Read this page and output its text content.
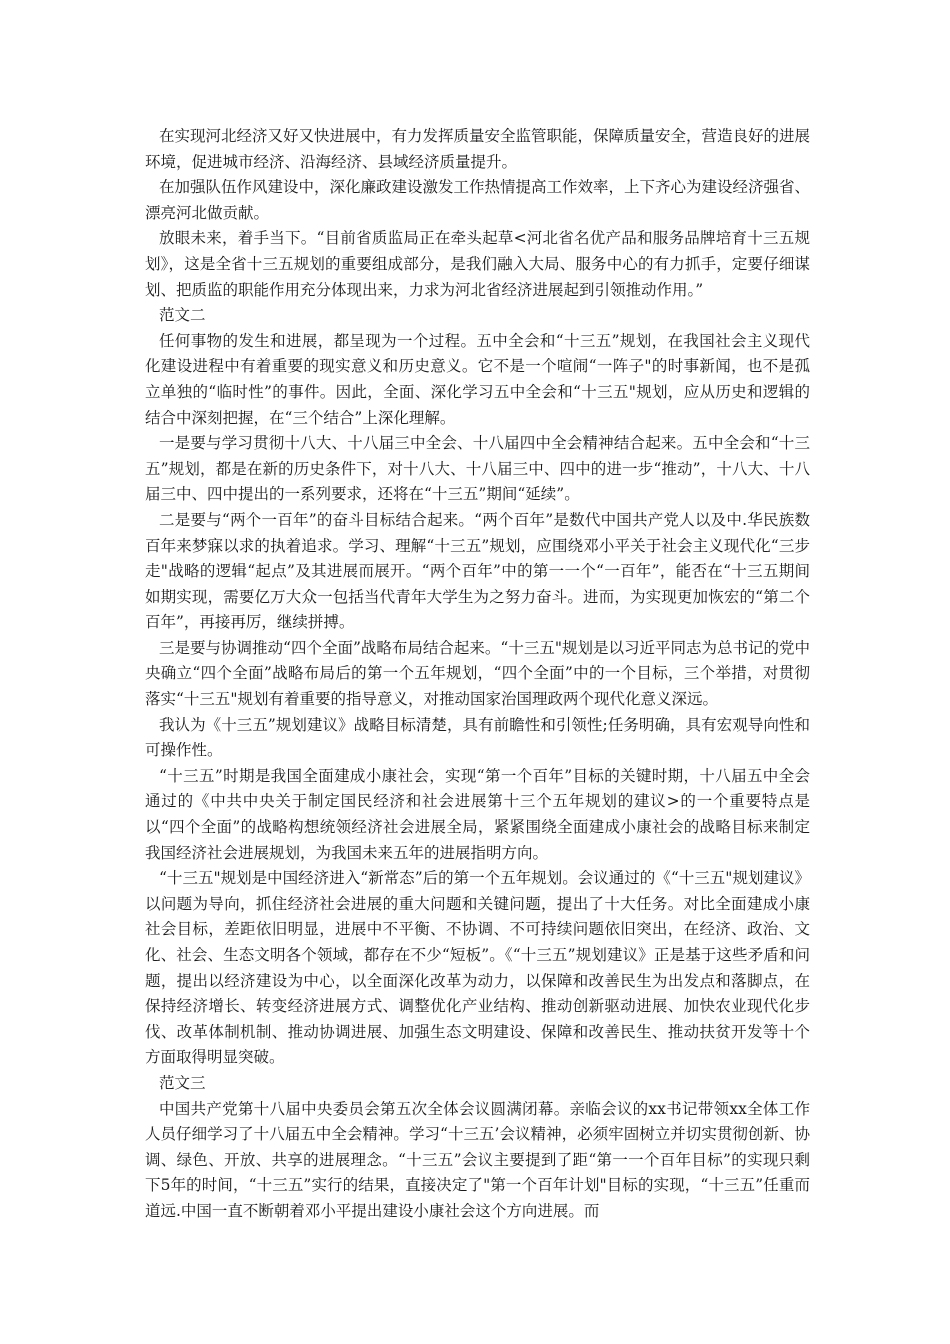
在实现河北经济又好又快进展中，有力发挥质量安全监管职能，保障质量安全，营造良好的进展环境，促进城市经济、沿海经济、县域经济质量提升。

在加强队伍作风建设中，深化廉政建设激发工作热情提高工作效率，上下齐心为建设经济强省、漂亮河北做贡献。

放眼未来，着手当下。“目前省质监局正在牵头起草<河北省名优产品和服务品牌培育十三五规划》，这是全省十三五规划的重要组成部分，是我们融入大局、服务中心的有力抓手，定要仔细谋划、把质监的职能作用充分体现出来，力求为河北省经济进展起到引领推动作用。”

范文二

任何事物的发生和进展，都呈现为一个过程。五中全会和“十三五”规划，在我国社会主义现代化建设进程中有着重要的现实意义和历史意义。它不是一个喧闹“一阵子"的时事新闻，也不是孤立单独的“临时性”的事件。因此，全面、深化学习五中全会和“十三五"规划，应从历史和逻辑的结合中深刻把握，在“三个结合”上深化理解。

一是要与学习贯彻十八大、十八届三中全会、十八届四中全会精神结合起来。五中全会和“十三五”规划，都是在新的历史条件下，对十八大、十八届三中、四中的进一步“推动”，十八大、十八届三中、四中提出的一系列要求，还将在“十三五”期间“延续”。

二是要与“两个一百年”的奋斗目标结合起来。“两个百年”是数代中国共产党人以及中.华民族数百年来梦寐以求的执着追求。学习、理解“十三五”规划，应围绕邓小平关于社会主义现代化“三步走"战略的逻辑“起点”及其进展而展开。“两个百年”中的第一一个“一百年”，能否在“十三五期间如期实现，需要亿万大众一包括当代青年大学生为之努力奋斗。进而，为实现更加恢宏的“第二个百年”，再接再厉，继续拼搏。

三是要与协调推动“四个全面”战略布局结合起来。“十三五"规划是以习近平同志为总书记的党中央确立“四个全面”战略布局后的第一个五年规划，“四个全面”中的一个目标，三个举措，对贯彻落实“十三五"规划有着重要的指导意义，对推动国家治国理政两个现代化意义深远。

我认为《十三五”规划建议》战略目标清楚，具有前瞻性和引领性;任务明确，具有宏观导向性和可操作性。

“十三五”时期是我国全面建成小康社会，实现“第一个百年”目标的关键时期，十八届五中全会通过的《中共中央关于制定国民经济和社会进展第十三个五年规划的建议>的一个重要特点是以“四个全面”的战略构想统领经济社会进展全局，紧紧围绕全面建成小康社会的战略目标来制定我国经济社会进展规划，为我国未来五年的进展指明方向。

“十三五"规划是中国经济进入“新常态”后的第一个五年规划。会议通过的《“十三五"规划建议》以问题为导向，抓住经济社会进展的重大问题和关键问题，提出了十大任务。对比全面建成小康社会目标，差距依旧明显，进展中不平衡、不协调、不可持续问题依旧突出，在经济、政治、文化、社会、生态文明各个领域，都存在不少“短板”。《“十三五”规划建议》正是基于这些矛盾和问题，提出以经济建设为中心，以全面深化改革为动力，以保障和改善民生为出发点和落脚点，在保持经济增长、转变经济进展方式、调整优化产业结构、推动创新驱动进展、加快农业现代化步伐、改革体制机制、推动协调进展、加强生态文明建设、保障和改善民生、推动扶贫开发等十个方面取得明显突破。

范文三

中国共产党第十八届中央委员会第五次全体会议圆满闭幕。亲临会议的xx书记带领xx全体工作人员仔细学习了十八届五中全会精神。学习“十三五’会议精神，必须牢固树立并切实贯彻创新、协调、绿色、开放、共享的进展理念。“十三五”会议主要提到了距“第一一个百年目标”的实现只剩下5年的时间，“十三五”实行的结果，直接决定了"第一个百年计划"目标的实现，“十三五”任重而道远.中国一直不断朝着邓小平提出建设小康社会这个方向进展。而
